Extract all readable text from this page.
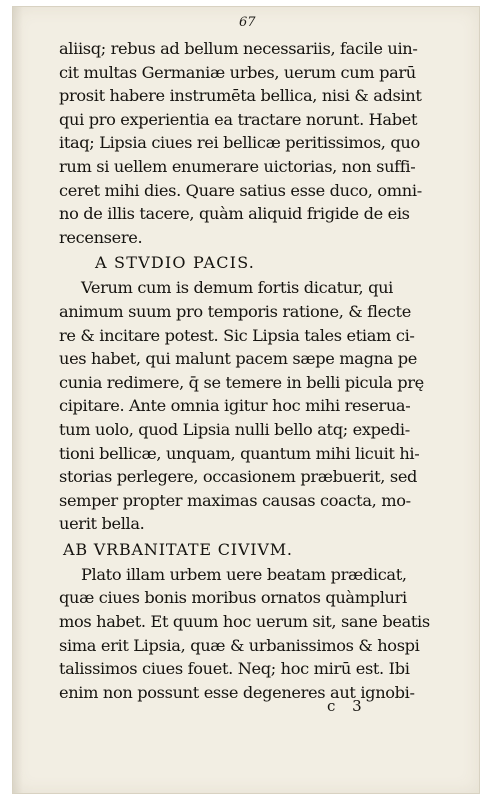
67
aliisq; rebus ad bellum necessariis, facile uin-
cit multas Germaniæ urbes, uerum cum parū
prosit habere instrumēta bellica, nisi & adsint
qui pro experientia ea tractare norunt. Habet
itaq; Lipsia ciues rei bellicæ peritissimos, quo
rum si uellem enumerare uictorias, non suffi-
ceret mihi dies. Quare satius esse duco, omni-
no de illis tacere, quàm aliquid frigide de eis
recensere.
A STVDIO PACIS.
Verum cum is demum fortis dicatur, qui
animum suum pro temporis ratione, & flecte
re & incitare potest. Sic Lipsia tales etiam ci-
ues habet, qui malunt pacem sæpe magna pe
cunia redimere, q̄ se temere in belli picula prę
cipitare. Ante omnia igitur hoc mihi reserua-
tum uolo, quod Lipsia nulli bello atq; expedi-
tioni bellicæ, unquam, quantum mihi licuit hi-
storias perlegere, occasionem præbuerit, sed
semper propter maximas causas coacta, mo-
uerit bella.
AB VRBANITATE CIVIVM.
Plato illam urbem uere beatam prædicat,
quæ ciues bonis moribus ornatos quàmpluri
mos habet. Et quum hoc uerum sit, sane beatis
sima erit Lipsia, quæ & urbanissimos & hospi
talissimos ciues fouet. Neq; hoc mirū est. Ibi
enim non possunt esse degeneres aut ignobi-
c 3
